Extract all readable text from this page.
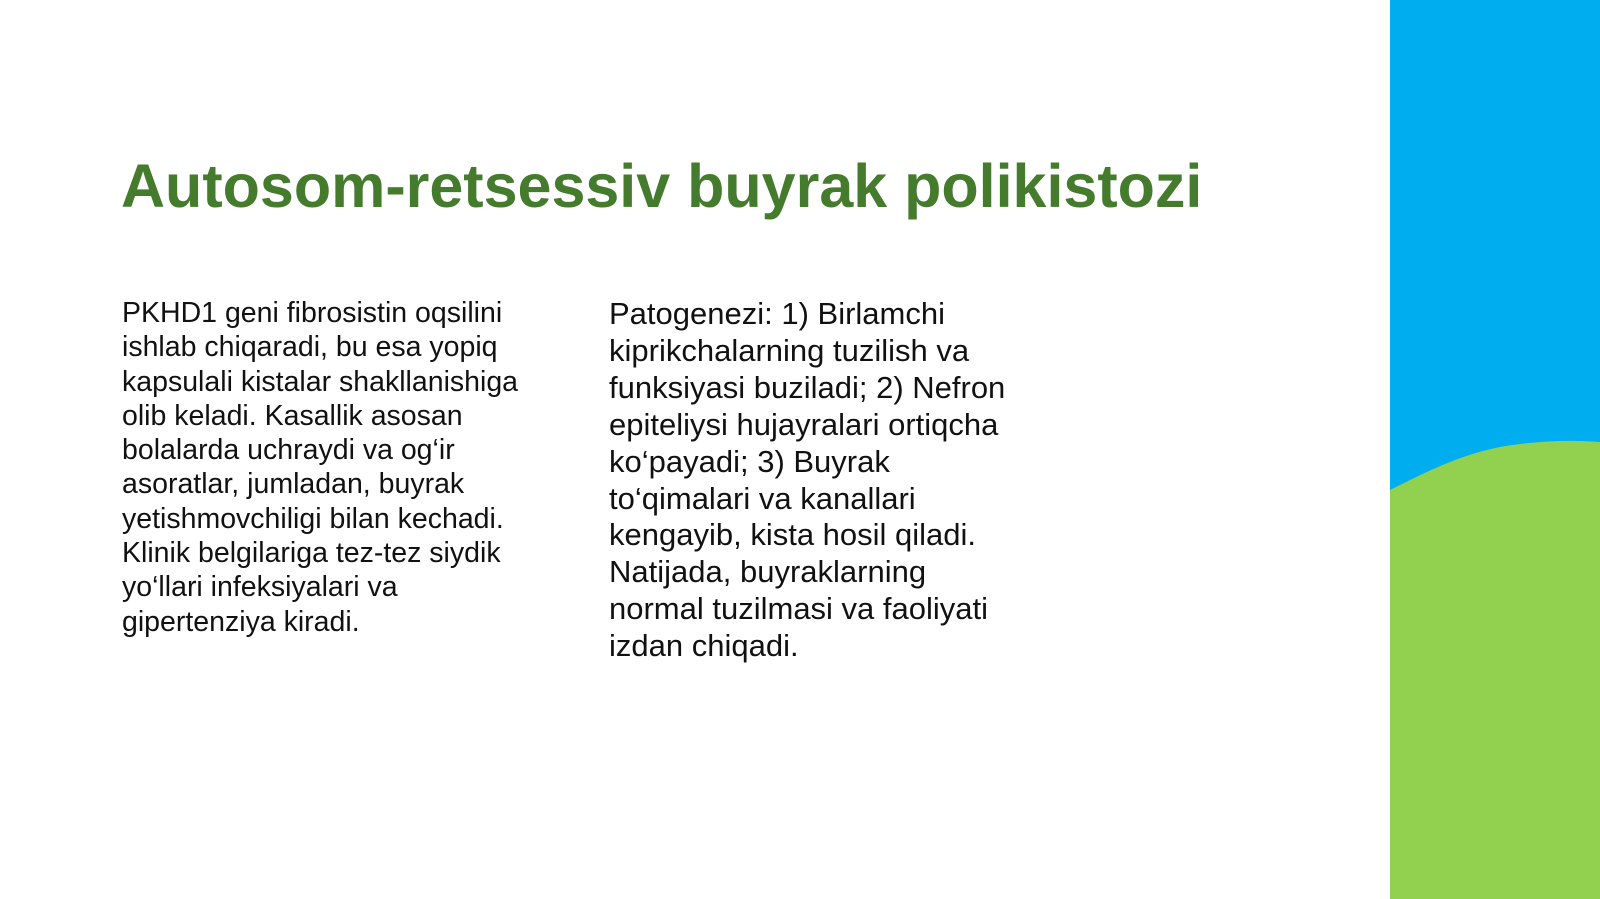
Autosom-retsessiv buyrak polikistozi

PKHD1 geni fibrosistin oqsilini ishlab chiqaradi, bu esa yopiq kapsulali kistalar shakllanishiga olib keladi. Kasallik asosan bolalarda uchraydi va og‘ir asoratlar, jumladan, buyrak yetishmovchiligi bilan kechadi. Klinik belgilariga tez-tez siydik yo‘llari infeksiyalari va gipertenziya kiradi.

Patogenezi: 1) Birlamchi kiprikchalarning tuzilish va funksiyasi buziladi; 2) Nefron epiteliysi hujayralari ortiqcha ko‘payadi; 3) Buyrak to‘qimalari va kanallari kengayib, kista hosil qiladi. Natijada, buyraklarning normal tuzilmasi va faoliyati izdan chiqadi.
